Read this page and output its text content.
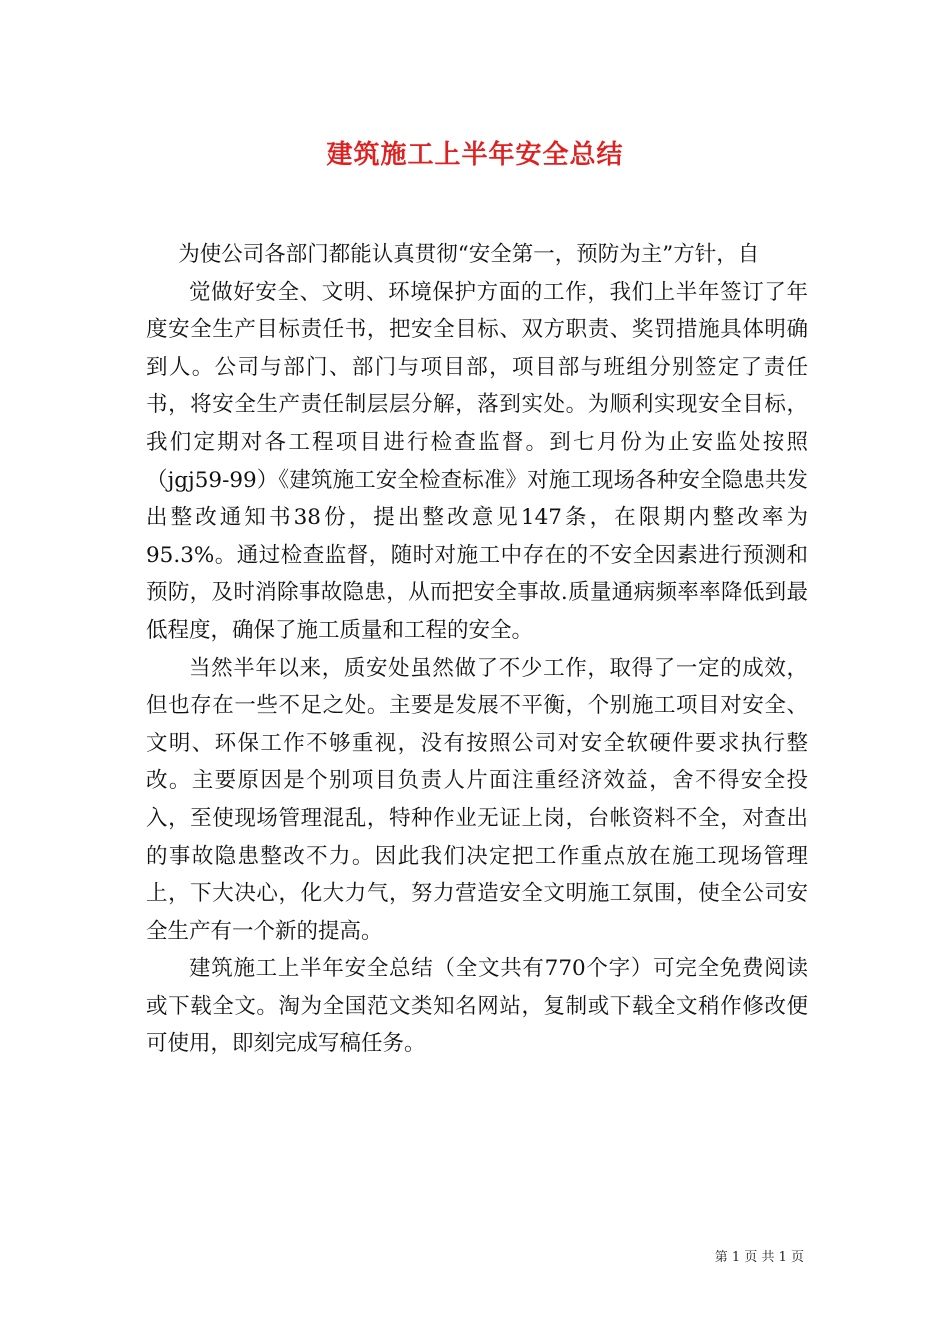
建筑施工上半年安全总结

为使公司各部门都能认真贯彻“安全第一，预防为主”方针，自

觉做好安全、文明、环境保护方面的工作，我们上半年签订了年度安全生产目标责任书，把安全目标、双方职责、奖罚措施具体明确到人。公司与部门、部门与项目部，项目部与班组分别签定了责任书，将安全生产责任制层层分解，落到实处。为顺利实现安全目标，我们定期对各工程项目进行检查监督。到七月份为止安监处按照（jgj59-99）《建筑施工安全检查标准》对施工现场各种安全隐患共发出整改通知书38份，提出整改意见147条，在限期内整改率为95.3%。通过检查监督，随时对施工中存在的不安全因素进行预测和预防，及时消除事故隐患，从而把安全事故.质量通病频率率降低到最低程度，确保了施工质量和工程的安全。

当然半年以来，质安处虽然做了不少工作，取得了一定的成效，但也存在一些不足之处。主要是发展不平衡，个别施工项目对安全、文明、环保工作不够重视，没有按照公司对安全软硬件要求执行整改。主要原因是个别项目负责人片面注重经济效益，舍不得安全投入，至使现场管理混乱，特种作业无证上岗，台帐资料不全，对查出的事故隐患整改不力。因此我们决定把工作重点放在施工现场管理上，下大决心，化大力气，努力营造安全文明施工氛围，使全公司安全生产有一个新的提高。

建筑施工上半年安全总结（全文共有770个字）可完全免费阅读或下载全文。淘为全国范文类知名网站，复制或下载全文稍作修改便可使用，即刻完成写稿任务。

第 1 页 共 1 页
